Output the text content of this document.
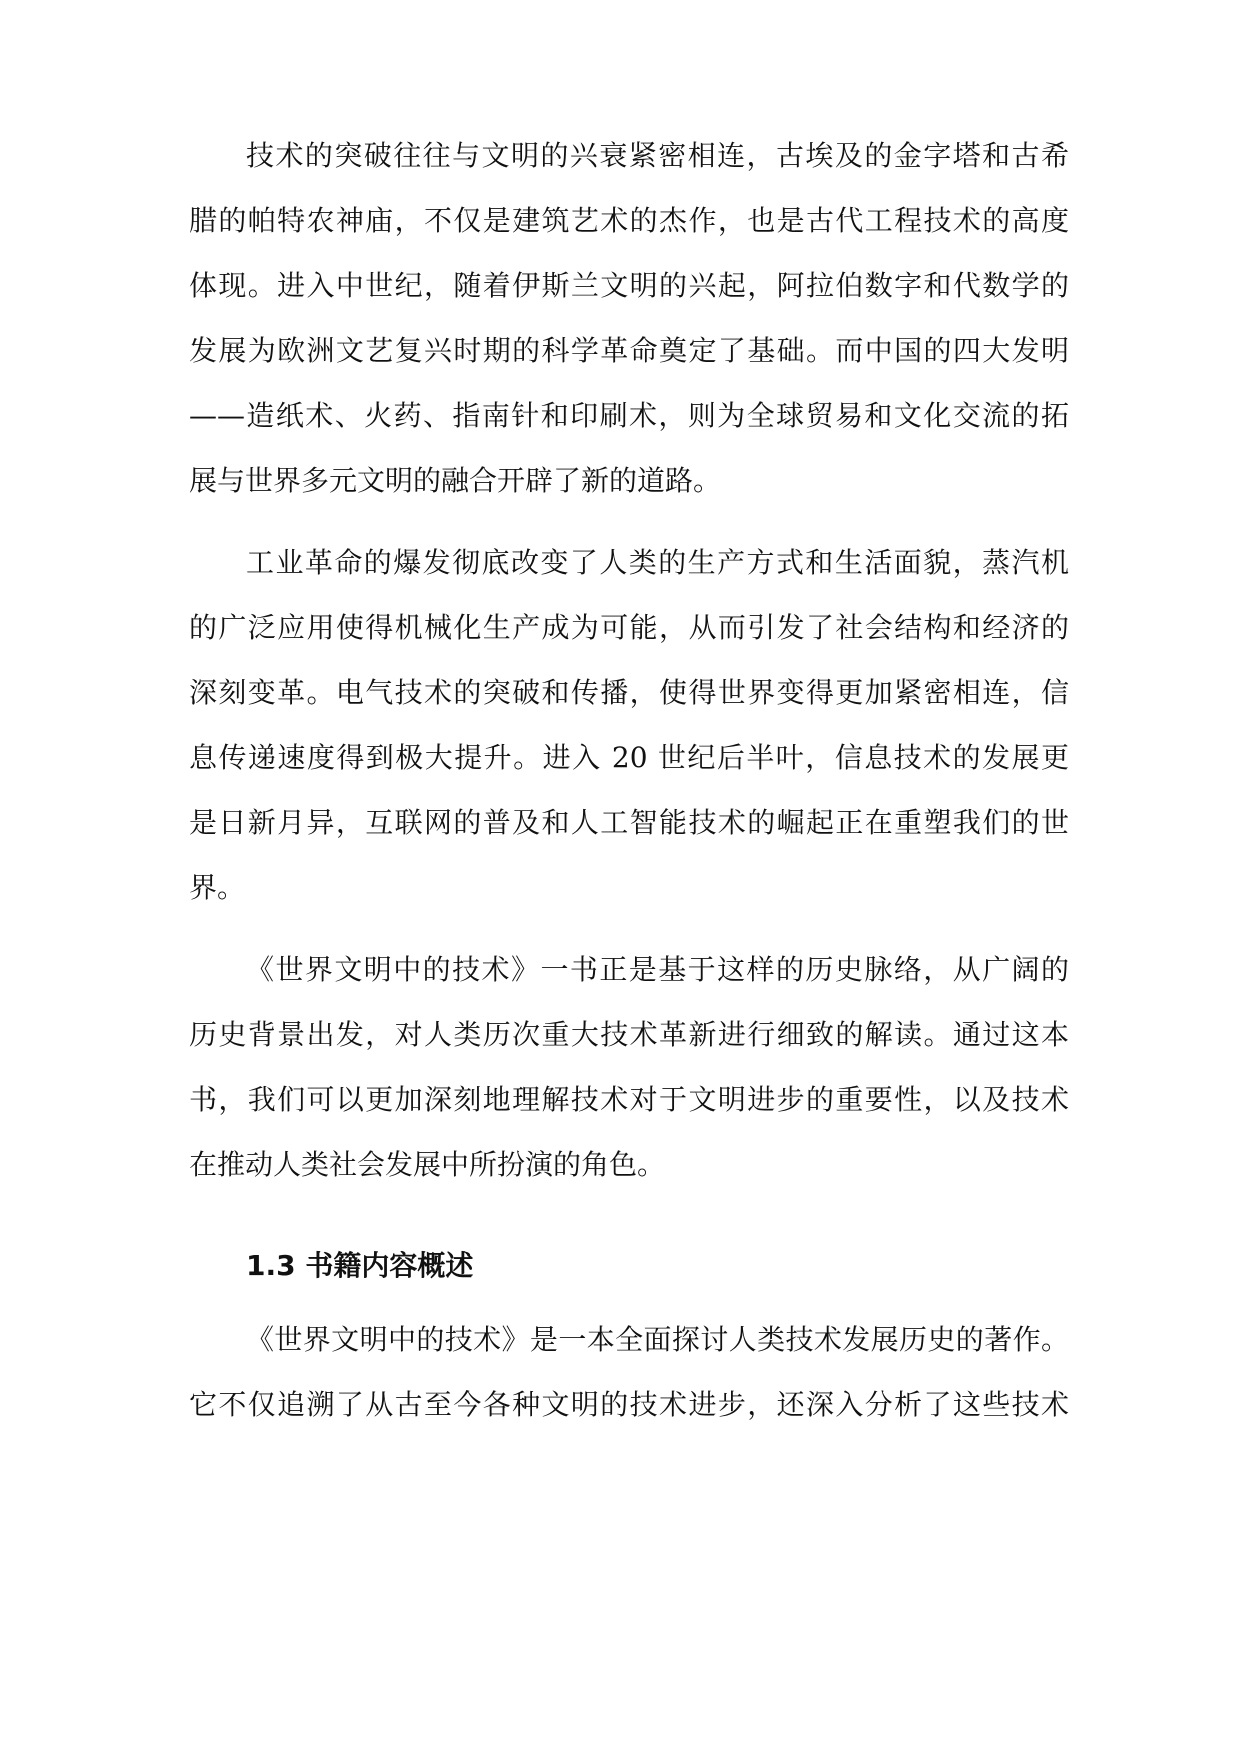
技术的突破往往与文明的兴衰紧密相连，古埃及的金字塔和古希
腊的帕特农神庙，不仅是建筑艺术的杰作，也是古代工程技术的高度
体现。进入中世纪，随着伊斯兰文明的兴起，阿拉伯数字和代数学的
发展为欧洲文艺复兴时期的科学革命奠定了基础。而中国的四大发明
——造纸术、火药、指南针和印刷术，则为全球贸易和文化交流的拓
展与世界多元文明的融合开辟了新的道路。
工业革命的爆发彻底改变了人类的生产方式和生活面貌，蒸汽机
的广泛应用使得机械化生产成为可能，从而引发了社会结构和经济的
深刻变革。电气技术的突破和传播，使得世界变得更加紧密相连，信
息传递速度得到极大提升。进入 20 世纪后半叶，信息技术的发展更
是日新月异，互联网的普及和人工智能技术的崛起正在重塑我们的世
界。
《世界文明中的技术》一书正是基于这样的历史脉络，从广阔的
历史背景出发，对人类历次重大技术革新进行细致的解读。通过这本
书，我们可以更加深刻地理解技术对于文明进步的重要性，以及技术
在推动人类社会发展中所扮演的角色。
1.3 书籍内容概述
《世界文明中的技术》是一本全面探讨人类技术发展历史的著作。
它不仅追溯了从古至今各种文明的技术进步，还深入分析了这些技术
